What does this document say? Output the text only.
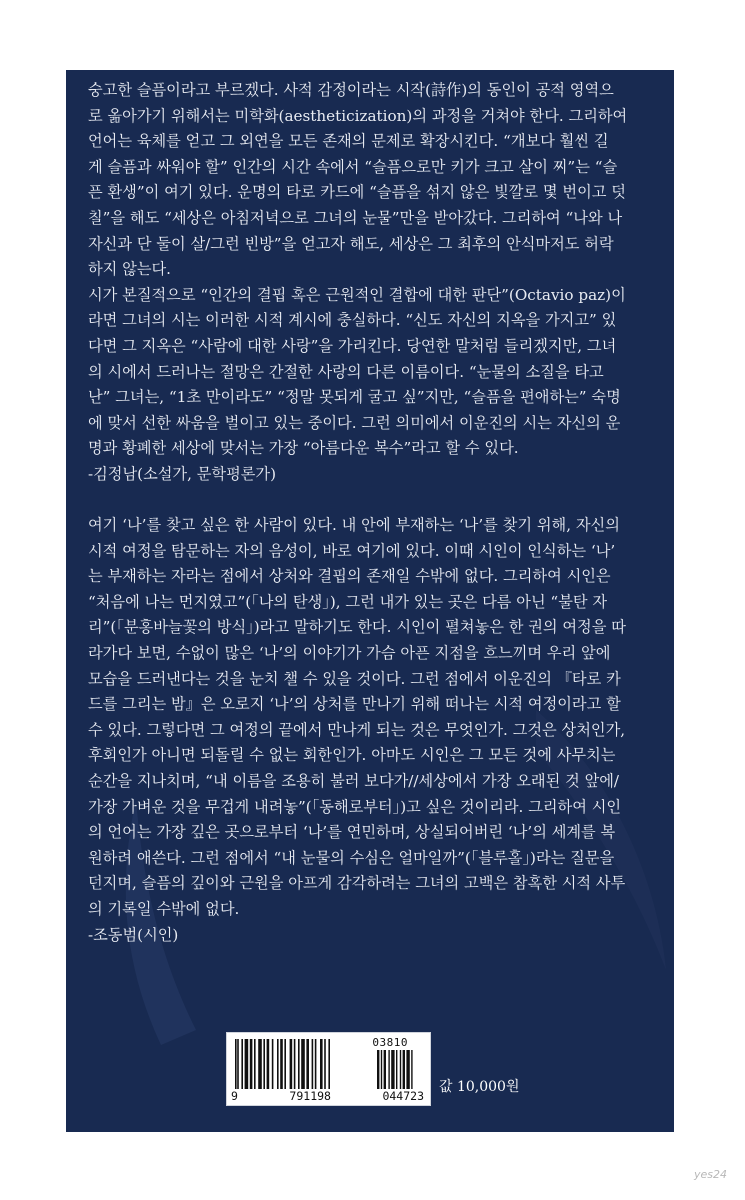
숭고한 슬픔이라고 부르겠다. 사적 감정이라는 시작(詩作)의 동인이 공적 영역으

로 옮아가기 위해서는 미학화(aestheticization)의 과정을 거쳐야 한다. 그리하여

언어는 육체를 얻고 그 외연을 모든 존재의 문제로 확장시킨다. “개보다 훨씬 길

게 슬픔과 싸워야 할” 인간의 시간 속에서 “슬픔으로만 키가 크고 살이 찌”는 “슬

픈 환생”이 여기 있다. 운명의 타로 카드에 “슬픔을 섞지 않은 빛깔로 몇 번이고 덧

칠”을 해도 “세상은 아침저녁으로 그녀의 눈물”만을 받아갔다. 그리하여 “나와 나

자신과 단 둘이 살/그런 빈방”을 얻고자 해도, 세상은 그 최후의 안식마저도 허락

하지 않는다.

시가 본질적으로 “인간의 결핍 혹은 근원적인 결합에 대한 판단”(Octavio paz)이

라면 그녀의 시는 이러한 시적 계시에 충실하다. “신도 자신의 지옥을 가지고” 있

다면 그 지옥은 “사람에 대한 사랑”을 가리킨다. 당연한 말처럼 들리겠지만, 그녀

의 시에서 드러나는 절망은 간절한 사랑의 다른 이름이다. “눈물의 소질을 타고

난” 그녀는, “1초 만이라도” “정말 못되게 굴고 싶”지만, “슬픔을 편애하는” 숙명

에 맞서 선한 싸움을 벌이고 있는 중이다. 그런 의미에서 이운진의 시는 자신의 운

명과 황폐한 세상에 맞서는 가장 “아름다운 복수”라고 할 수 있다.

-김정남(소설가, 문학평론가)

여기 ‘나’를 찾고 싶은 한 사람이 있다. 내 안에 부재하는 ‘나’를 찾기 위해, 자신의

시적 여정을 탐문하는 자의 음성이, 바로 여기에 있다. 이때 시인이 인식하는 ‘나’

는 부재하는 자라는 점에서 상처와 결핍의 존재일 수밖에 없다. 그리하여 시인은

“처음에 나는 먼지였고”(「나의 탄생」), 그런 내가 있는 곳은 다름 아닌 “불탄 자

리”(「분홍바늘꽃의 방식」)라고 말하기도 한다. 시인이 펼쳐놓은 한 권의 여정을 따

라가다 보면, 수없이 많은 ‘나’의 이야기가 가슴 아픈 지점을 흐느끼며 우리 앞에

모습을 드러낸다는 것을 눈치 챌 수 있을 것이다. 그런 점에서 이운진의 『타로 카

드를 그리는 밤』은 오로지 ‘나’의 상처를 만나기 위해 떠나는 시적 여정이라고 할

수 있다. 그렇다면 그 여정의 끝에서 만나게 되는 것은 무엇인가. 그것은 상처인가,

후회인가 아니면 되돌릴 수 없는 회한인가. 아마도 시인은 그 모든 것에 사무치는

순간을 지나치며, “내 이름을 조용히 불러 보다가//세상에서 가장 오래된 것 앞에/

가장 가벼운 것을 무겁게 내려놓”(「동해로부터」)고 싶은 것이리라. 그리하여 시인

의 언어는 가장 깊은 곳으로부터 ‘나’를 연민하며, 상실되어버린 ‘나’의 세계를 복

원하려 애쓴다. 그런 점에서 “내 눈물의 수심은 얼마일까”(「블루홀」)라는 질문을

던지며, 슬픔의 깊이와 근원을 아프게 감각하려는 그녀의 고백은 참혹한 시적 사투

의 기록일 수밖에 없다.

-조동범(시인)

03810
9	791198	044723
값 10,000원
yes24
